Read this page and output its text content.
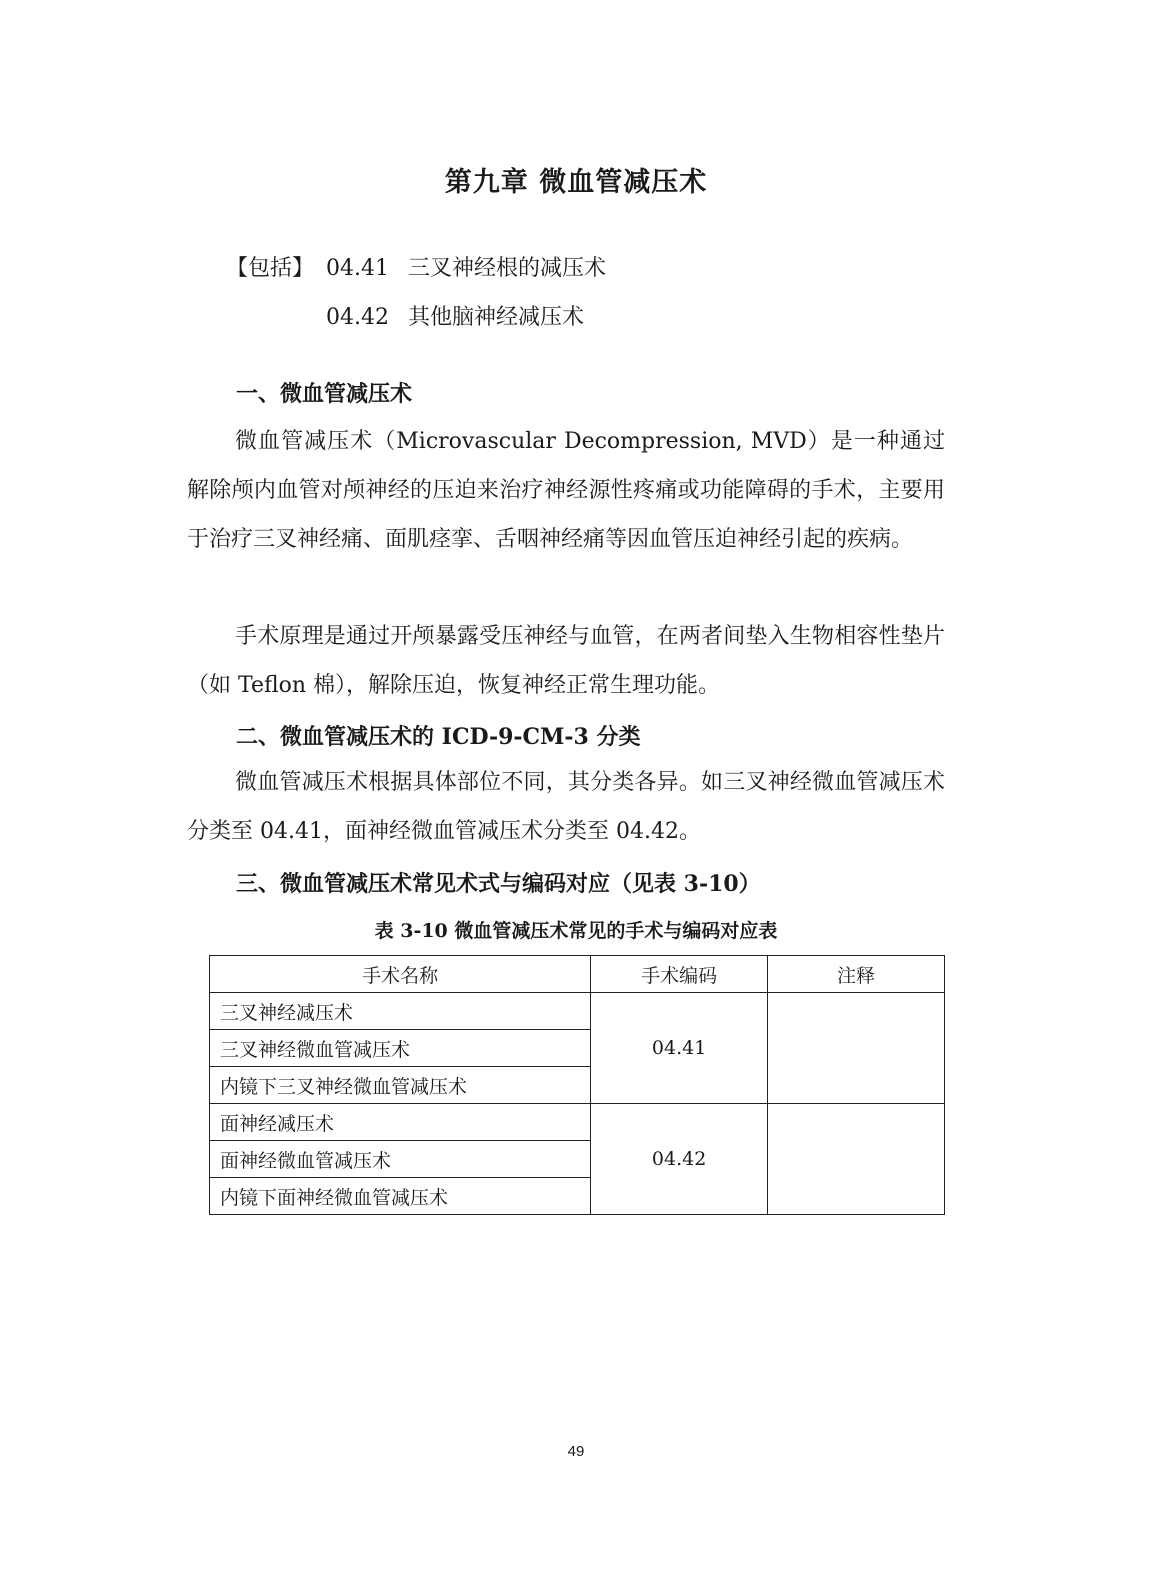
第九章 微血管减压术
【包括】 04.41 三叉神经根的减压术
04.42 其他脑神经减压术
一、微血管减压术
微血管减压术（Microvascular Decompression, MVD）是一种通过解除颅内血管对颅神经的压迫来治疗神经源性疼痛或功能障碍的手术，主要用于治疗三叉神经痛、面肌痉挛、舌咽神经痛等因血管压迫神经引起的疾病。
手术原理是通过开颅暴露受压神经与血管，在两者间垫入生物相容性垫片（如 Teflon 棉），解除压迫，恢复神经正常生理功能。
二、微血管减压术的 ICD-9-CM-3 分类
微血管减压术根据具体部位不同，其分类各异。如三叉神经微血管减压术分类至 04.41，面神经微血管减压术分类至 04.42。
三、微血管减压术常见术式与编码对应（见表 3-10）
表 3-10 微血管减压术常见的手术与编码对应表
手术名称	手术编码	注释
三叉神经减压术	04.41	
三叉神经微血管减压术		
内镜下三叉神经微血管减压术		
面神经减压术	04.42	
面神经微血管减压术		
内镜下面神经微血管减压术		
49
